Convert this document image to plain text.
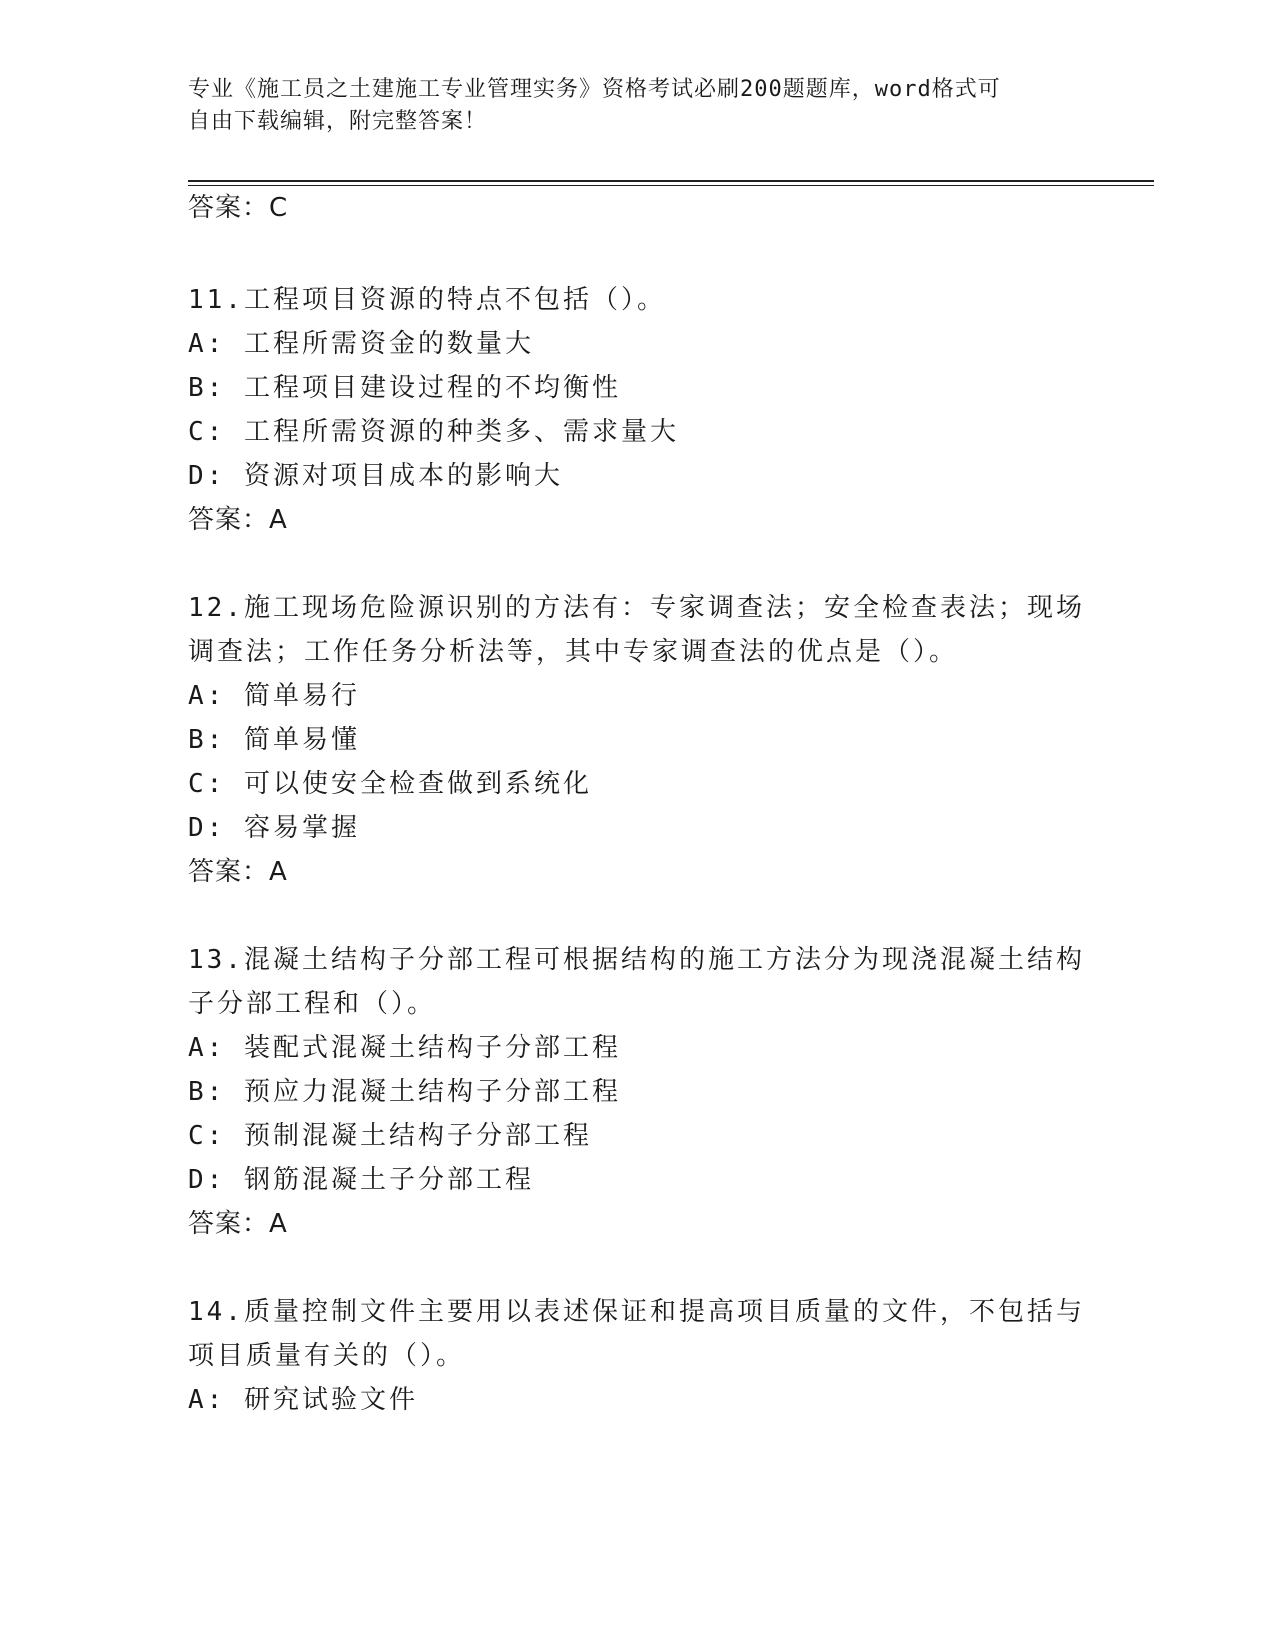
专业《施工员之土建施工专业管理实务》资格考试必刷200题题库，word格式可
自由下载编辑，附完整答案！
答案：C
11.工程项目资源的特点不包括（）。
A: 工程所需资金的数量大
B: 工程项目建设过程的不均衡性
C: 工程所需资源的种类多、需求量大
D: 资源对项目成本的影响大
答案：A
12.施工现场危险源识别的方法有：专家调查法；安全检查表法；现场
调查法；工作任务分析法等，其中专家调查法的优点是（）。
A: 简单易行
B: 简单易懂
C: 可以使安全检查做到系统化
D: 容易掌握
答案：A
13.混凝土结构子分部工程可根据结构的施工方法分为现浇混凝土结构
子分部工程和（）。
A: 装配式混凝土结构子分部工程
B: 预应力混凝土结构子分部工程
C: 预制混凝土结构子分部工程
D: 钢筋混凝土子分部工程
答案：A
14.质量控制文件主要用以表述保证和提高项目质量的文件，不包括与
项目质量有关的（）。
A: 研究试验文件
